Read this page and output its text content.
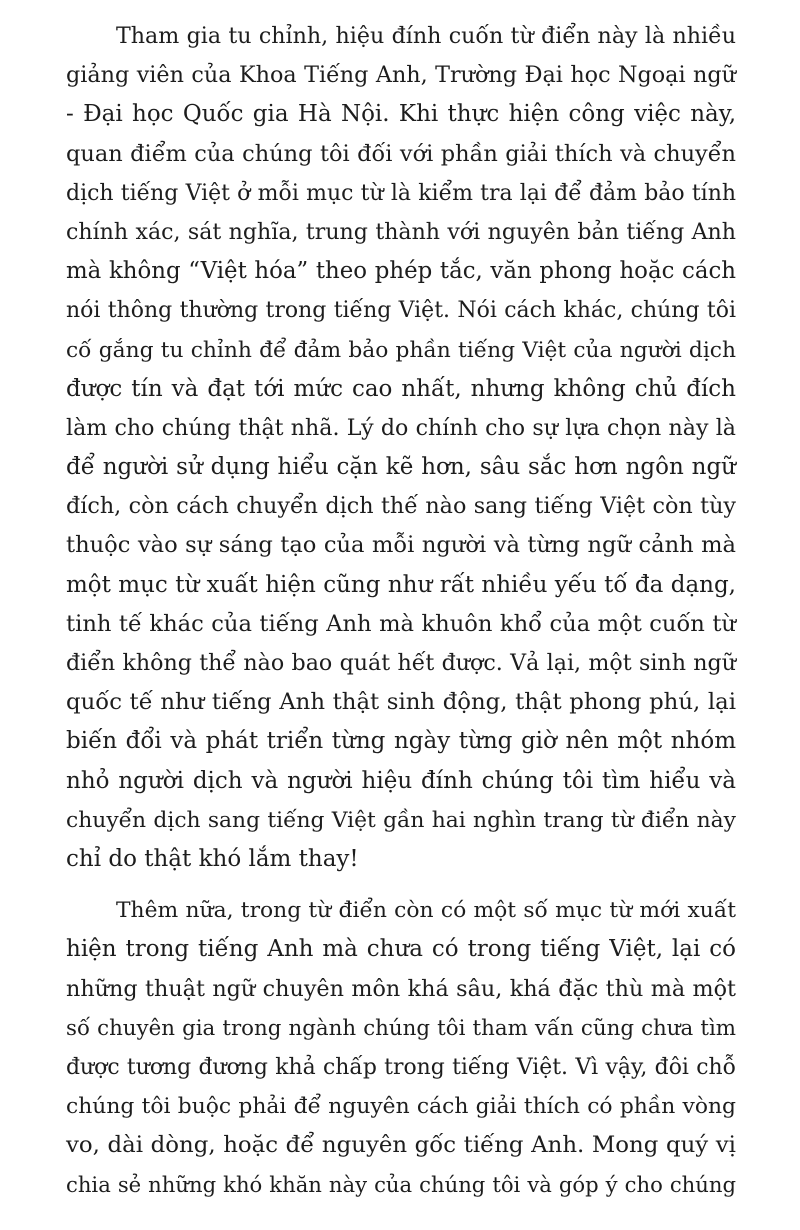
Tham gia tu chỉnh, hiệu đính cuốn từ điển này là nhiều
giảng viên của Khoa Tiếng Anh, Trường Đại học Ngoại ngữ
- Đại học Quốc gia Hà Nội. Khi thực hiện công việc này,
quan điểm của chúng tôi đối với phần giải thích và chuyển
dịch tiếng Việt ở mỗi mục từ là kiểm tra lại để đảm bảo tính
chính xác, sát nghĩa, trung thành với nguyên bản tiếng Anh
mà không “Việt hóa” theo phép tắc, văn phong hoặc cách
nói thông thường trong tiếng Việt. Nói cách khác, chúng tôi
cố gắng tu chỉnh để đảm bảo phần tiếng Việt của người dịch
được tín và đạt tới mức cao nhất, nhưng không chủ đích
làm cho chúng thật nhã. Lý do chính cho sự lựa chọn này là
để người sử dụng hiểu cặn kẽ hơn, sâu sắc hơn ngôn ngữ
đích, còn cách chuyển dịch thế nào sang tiếng Việt còn tùy
thuộc vào sự sáng tạo của mỗi người và từng ngữ cảnh mà
một mục từ xuất hiện cũng như rất nhiều yếu tố đa dạng,
tinh tế khác của tiếng Anh mà khuôn khổ của một cuốn từ
điển không thể nào bao quát hết được. Vả lại, một sinh ngữ
quốc tế như tiếng Anh thật sinh động, thật phong phú, lại
biến đổi và phát triển từng ngày từng giờ nên một nhóm
nhỏ người dịch và người hiệu đính chúng tôi tìm hiểu và
chuyển dịch sang tiếng Việt gần hai nghìn trang từ điển này
chỉ do thật khó lắm thay!

Thêm nữa, trong từ điển còn có một số mục từ mới xuất
hiện trong tiếng Anh mà chưa có trong tiếng Việt, lại có
những thuật ngữ chuyên môn khá sâu, khá đặc thù mà một
số chuyên gia trong ngành chúng tôi tham vấn cũng chưa tìm
được tương đương khả chấp trong tiếng Việt. Vì vậy, đôi chỗ
chúng tôi buộc phải để nguyên cách giải thích có phần vòng
vo, dài dòng, hoặc để nguyên gốc tiếng Anh. Mong quý vị
chia sẻ những khó khăn này của chúng tôi và góp ý cho chúng
